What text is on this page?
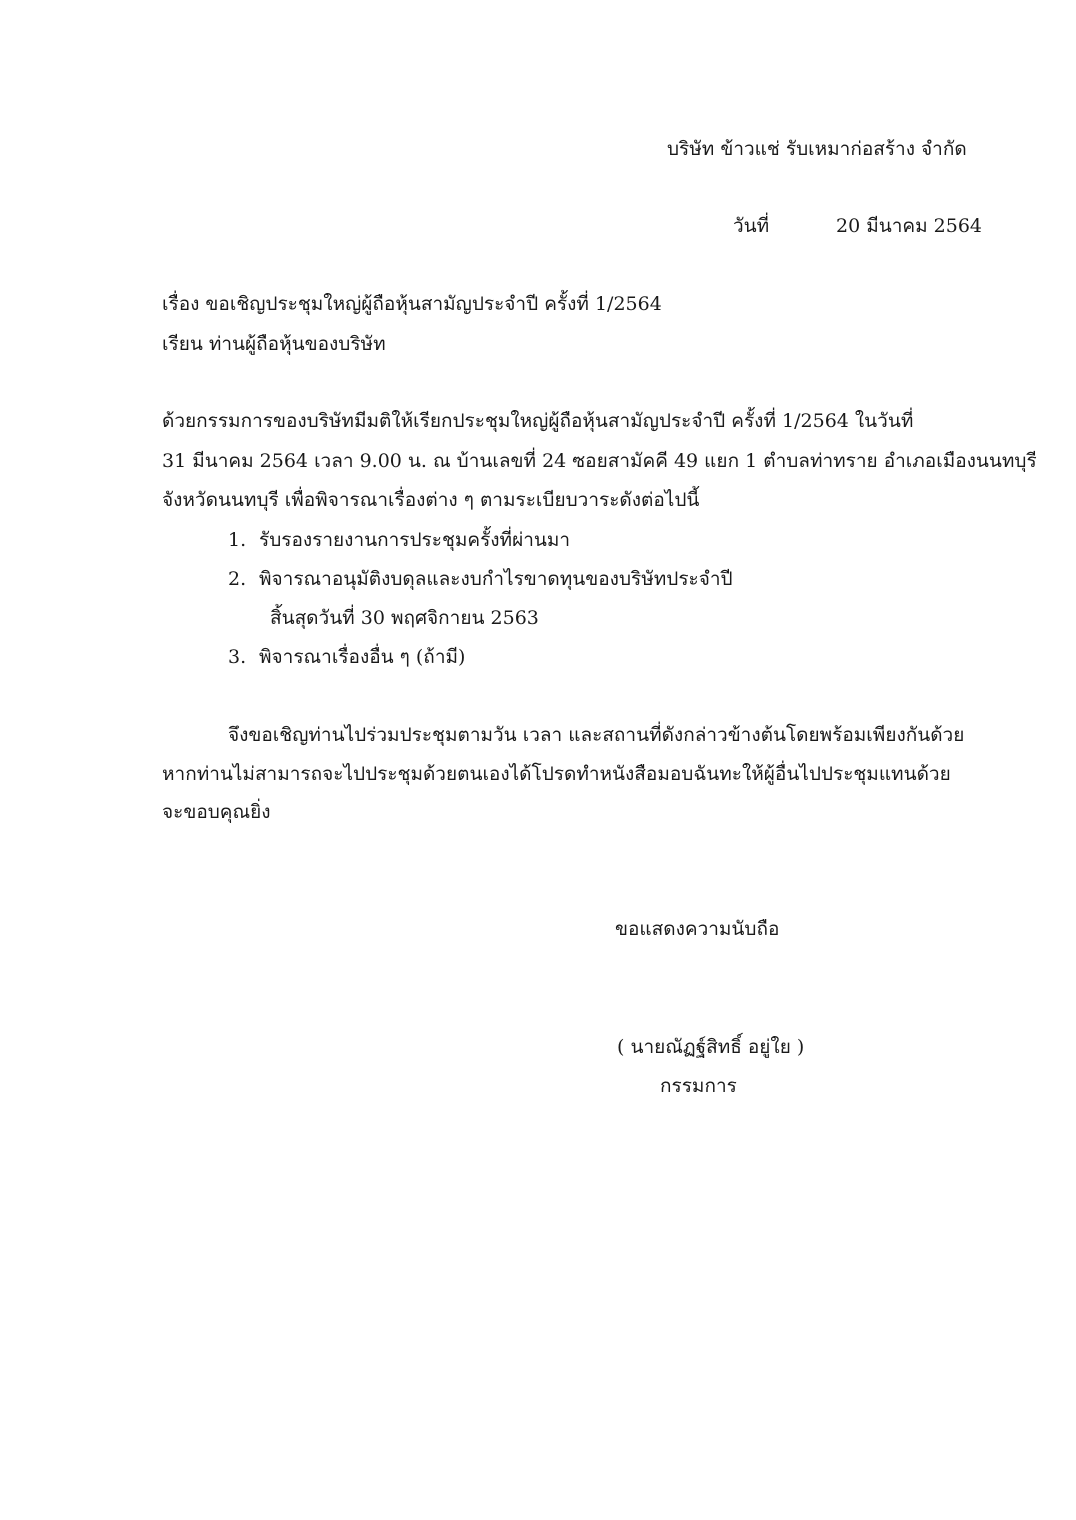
บริษัท ข้าวแช่ รับเหมาก่อสร้าง จำกัด
วันที่	20 มีนาคม 2564
เรื่อง ขอเชิญประชุมใหญ่ผู้ถือหุ้นสามัญประจำปี ครั้งที่ 1/2564
เรียน ท่านผู้ถือหุ้นของบริษัท
ด้วยกรรมการของบริษัทมีมติให้เรียกประชุมใหญ่ผู้ถือหุ้นสามัญประจำปี ครั้งที่ 1/2564 ในวันที่
31 มีนาคม 2564 เวลา 9.00 น. ณ บ้านเลขที่ 24 ซอยสามัคคี 49 แยก 1 ตำบลท่าทราย อำเภอเมืองนนทบุรี
จังหวัดนนทบุรี เพื่อพิจารณาเรื่องต่าง ๆ ตามระเบียบวาระดังต่อไปนี้
1. รับรองรายงานการประชุมครั้งที่ผ่านมา
2. พิจารณาอนุมัติงบดุลและงบกำไรขาดทุนของบริษัทประจำปี
สิ้นสุดวันที่ 30 พฤศจิกายน 2563
3. พิจารณาเรื่องอื่น ๆ (ถ้ามี)
จึงขอเชิญท่านไปร่วมประชุมตามวัน เวลา และสถานที่ดังกล่าวข้างต้นโดยพร้อมเพียงกันด้วย
หากท่านไม่สามารถจะไปประชุมด้วยตนเองได้โปรดทำหนังสือมอบฉันทะให้ผู้อื่นไปประชุมแทนด้วย
จะขอบคุณยิ่ง
ขอแสดงความนับถือ
( นายณัฏฐ์สิทธิ์ อยู่ใย )
กรรมการ
